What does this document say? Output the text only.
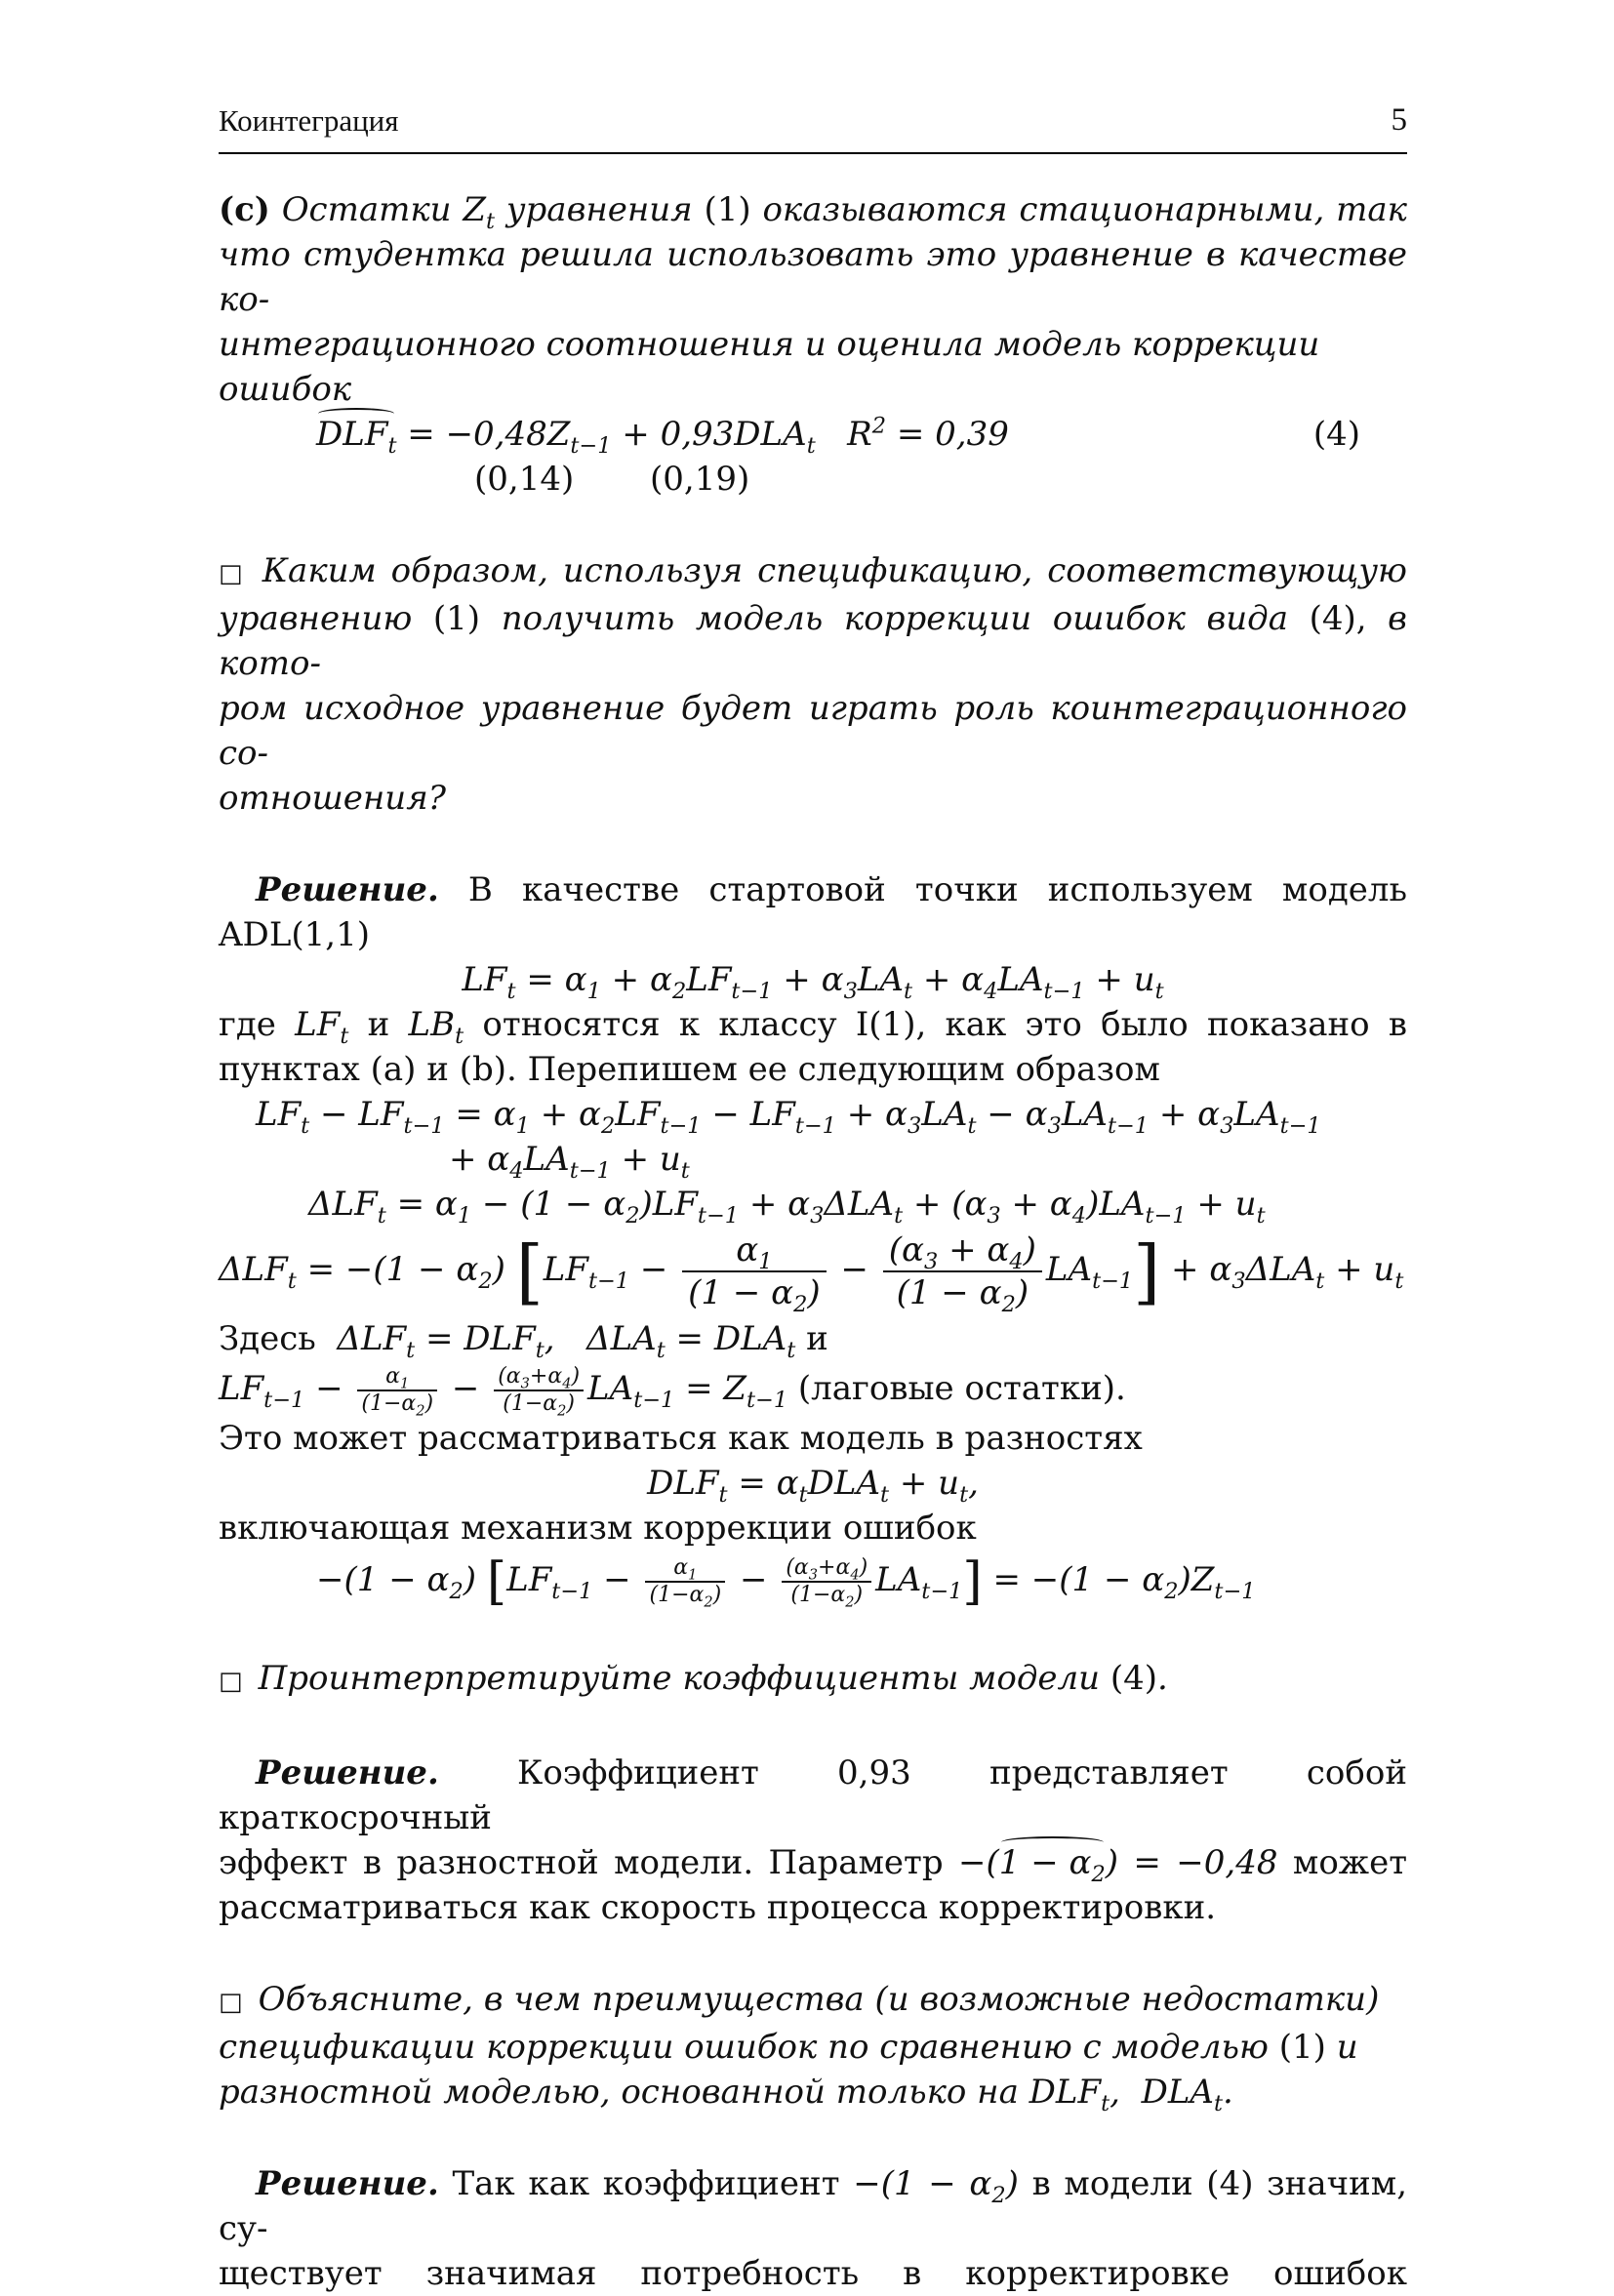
Коинтеграция	5

(c) Остатки $Z_t$ уравнения (1) оказываются стационарными, так

что студентка решила использовать это уравнение в качестве ко-

интеграционного соотношения и оценила модель коррекции ошибок

$DLF_t = -0,48Z_{t-1} + 0,93DLA_t$   $R^2 = 0,39$	(4)
(0,14) (0,19)

□ Каким образом, используя спецификацию, соответствующую

уравнению (1) получить модель коррекции ошибок вида (4), в кото-

ром исходное уравнение будет играть роль коинтеграционного со-

отношения?

Решение. В качестве стартовой точки используем модель

ADL(1,1)

$LF_t = \alpha_1 + \alpha_2LF_{t-1} + \alpha_3LA_t + \alpha_4LA_{t-1} + u_t$

где $LF_t$ и $LB_t$ относятся к классу I(1), как это было показано в

пунктах (a) и (b). Перепишем ее следующим образом

$LF_t - LF_{t-1} = \alpha_1 + \alpha_2LF_{t-1} - LF_{t-1} + \alpha_3LA_t - \alpha_3LA_{t-1} + \alpha_3LA_{t-1}$

+ $\alpha_4LA_{t-1} + u_t$

$\Delta LF_t = \alpha_1 - (1 - \alpha_2)LF_{t-1} + \alpha_3\Delta LA_t + (\alpha_3 + \alpha_4)LA_{t-1} + u_t$

$\Delta LF_t = -(1 - \alpha_2) [LF_{t-1} - \frac{\alpha_1}{(1 - \alpha_2)} - \frac{(\alpha_3 + \alpha_4)}{(1 - \alpha_2)} LA_{t-1}] + \alpha_3\Delta LA_t + u_t$

Здесь $\Delta LF_t = DLF_t$, $\Delta LA_t = DLA_t$ и

$LF_{t-1} - \frac{\alpha_1}{(1-\alpha_2)} - \frac{(\alpha_3+\alpha_4)}{(1-\alpha_2)} LA_{t-1} = Z_{t-1}$ (лаговые остатки).

Это может рассматриваться как модель в разностях

$DLF_t = \alpha_tDLA_t + u_t$,

включающая механизм коррекции ошибок

$-(1 - \alpha_2)$ $[LF_{t-1} - \frac{\alpha_1}{(1-\alpha_2)} - \frac{(\alpha_3+\alpha_4)}{(1-\alpha_2)} LA_{t-1}] = -(1 - \alpha_2)Z_{t-1}$

□ Проинтерпретируйте коэффициенты модели (4).

Решение. Коэффициент 0,93 представляет собой краткосрочный

эффект в разностной модели. Параметр $-(1 - \alpha_2) = -0,48$ может

рассматриваться как скорость процесса корректировки.

□ Объясните, в чем преимущества (и возможные недостатки)

спецификации коррекции ошибок по сравнению с моделью (1) и

разностной моделью, основанной только на $DLF_t$,  $DLA_t$.

Решение. Так как коэффициент $-(1 - \alpha_2)$ в модели (4) значим, су-

ществует значимая потребность в корректировке ошибок
